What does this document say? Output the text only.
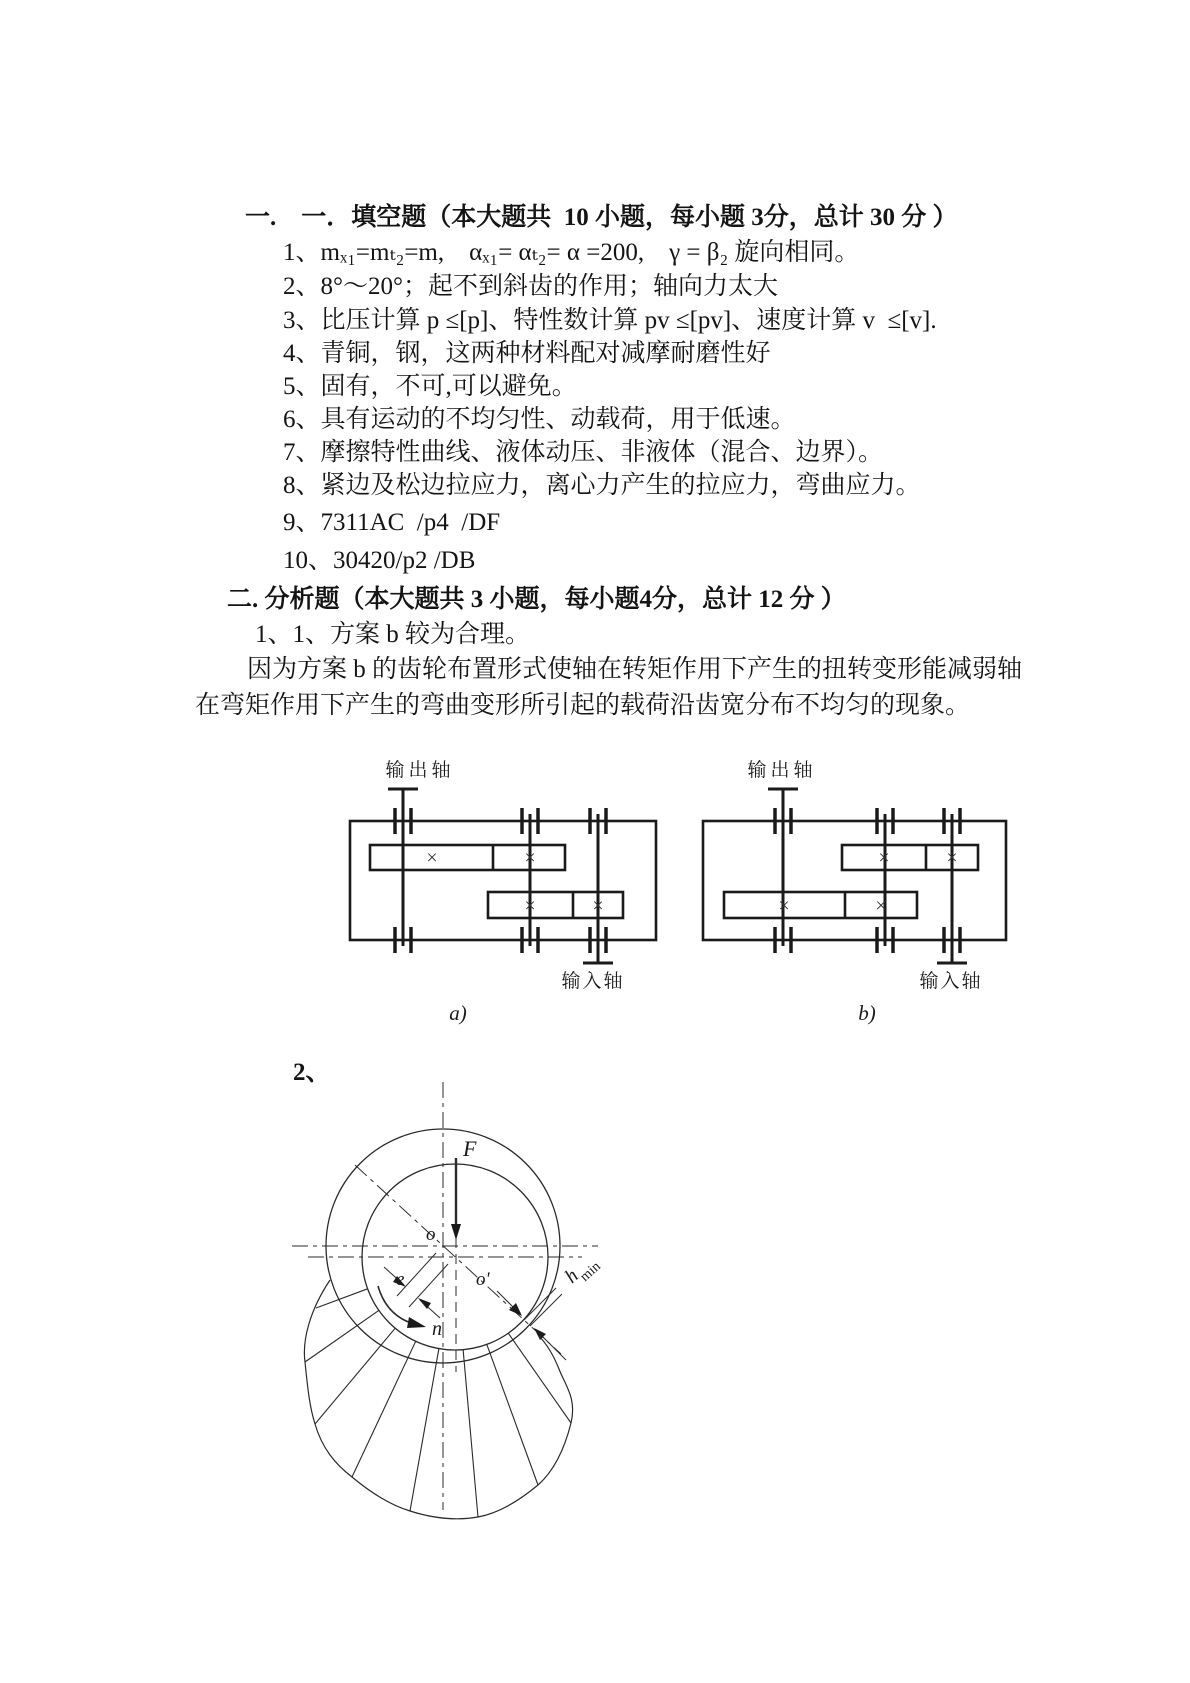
一.　一．填空题（本大题共  10 小题，每小题 3分，总计 30 分 ）
1、mₓ₁=mₜ₂=m,　αₓ₁= αₜ₂= α =200,　γ = β₂ 旋向相同。
2、8°～20°；起不到斜齿的作用；轴向力太大
3、比压计算 p ≤[p]、特性数计算 pv ≤[pv]、速度计算 v  ≤[v].
4、青铜，钢，这两种材料配对减摩耐磨性好
5、固有，不可,可以避免。
6、具有运动的不均匀性、动载荷，用于低速。
7、摩擦特性曲线、液体动压、非液体（混合、边界）。
8、紧边及松边拉应力，离心力产生的拉应力，弯曲应力。
9、7311AC  /p4  /DF
10、30420/p2 /DB
二. 分析题（本大题共 3 小题，每小题4分，总计 12 分 ）
1、1、方案 b 较为合理。
因为方案 b 的齿轮布置形式使轴在转矩作用下产生的扭转变形能减弱轴
在弯矩作用下产生的弯曲变形所引起的载荷沿齿宽分布不均匀的现象。
2、
输出轴
×	×
×	×
输入轴
a)
输出轴
×	×
×	×
输入轴
b)
F
o
o'
e
n
h
min
